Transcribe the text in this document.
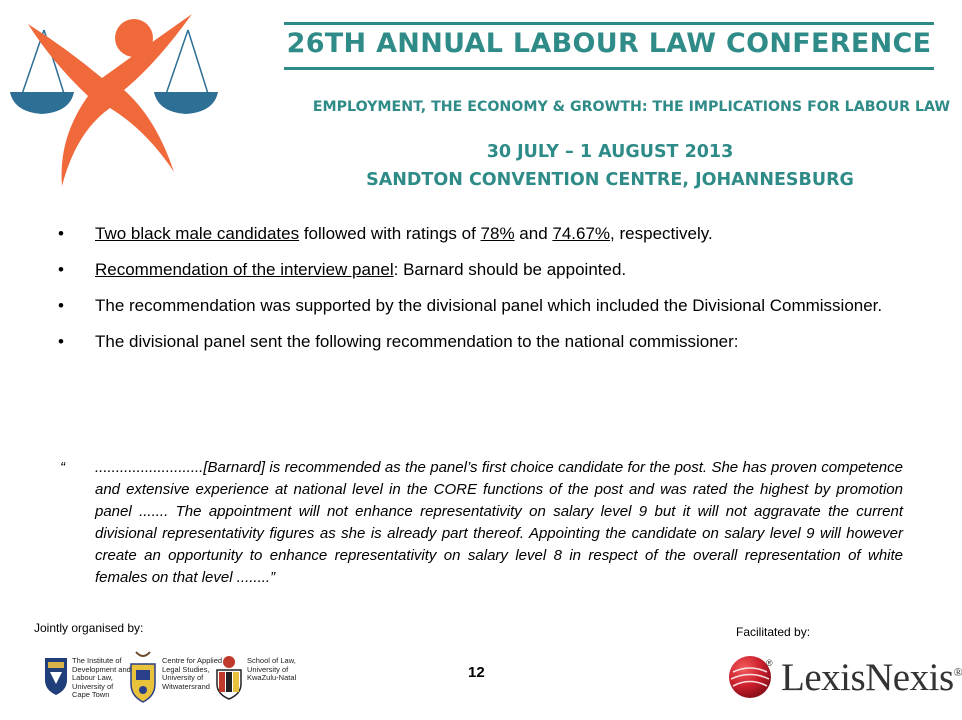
26TH ANNUAL LABOUR LAW CONFERENCE
EMPLOYMENT, THE ECONOMY & GROWTH: THE IMPLICATIONS FOR LABOUR LAW
30 JULY – 1 AUGUST 2013
SANDTON CONVENTION CENTRE, JOHANNESBURG
• Two black male candidates followed with ratings of 78% and 74.67%, respectively.
• Recommendation of the interview panel: Barnard should be appointed.
• The recommendation was supported by the divisional panel which included the Divisional Commissioner.
• The divisional panel sent the following recommendation to the national commissioner:
“	..........................[Barnard] is recommended as the panel’s first choice candidate for the post. She has proven competence and extensive experience at national level in the CORE functions of the post and was rated the highest by promotion panel ....... The appointment will not enhance representativity on salary level 9 but it will not aggravate the current divisional representativity figures as she is already part thereof. Appointing the candidate on salary level 9 will however create an opportunity to enhance representativity on salary level 8 in respect of the overall representation of white females on that level ........”
Jointly organised by:	Facilitated by:
12
The Institute of
Development and
Labour Law,
University of
Cape Town
Centre for Applied
Legal Studies,
University of
Witwatersrand
School of Law,
University of
KwaZulu-Natal
® LexisNexis®
